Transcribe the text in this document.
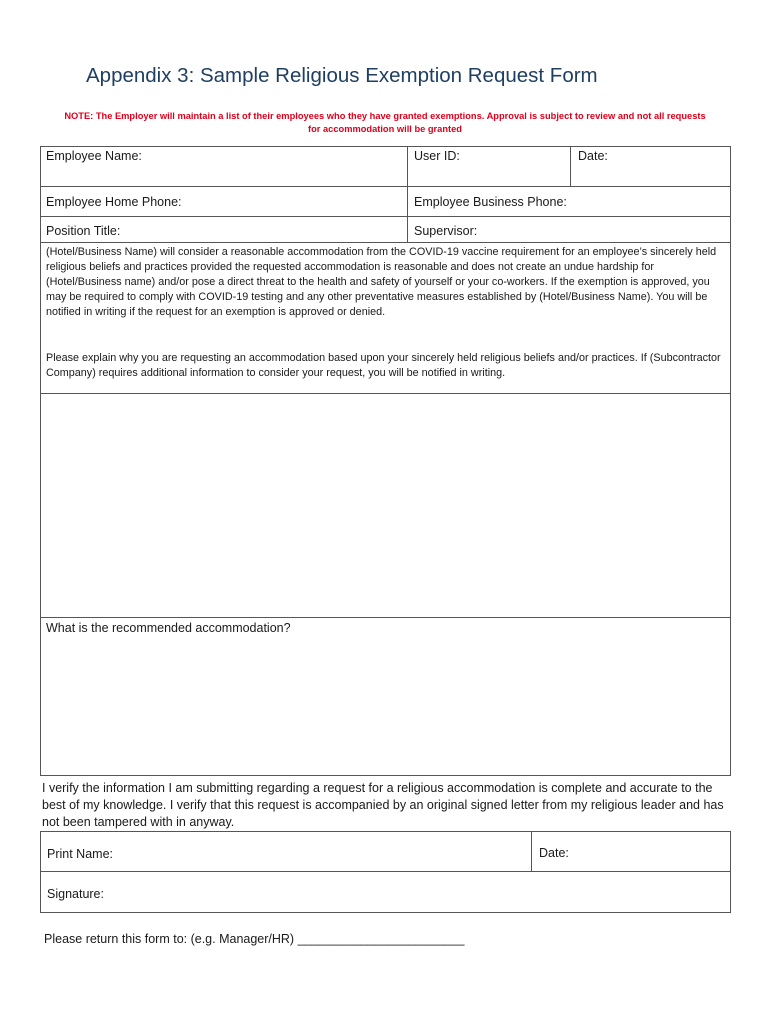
Appendix 3: Sample Religious Exemption Request Form
NOTE: The Employer will maintain a list of their employees who they have granted exemptions. Approval is subject to review and not all requests for accommodation will be granted
Employee Name:	User ID:	Date:
Employee Home Phone:	Employee Business Phone:
Position Title:	Supervisor:
(Hotel/Business Name) will consider a reasonable accommodation from the COVID-19 vaccine requirement for an employee’s sincerely held religious beliefs and practices provided the requested accommodation is reasonable and does not create an undue hardship for (Hotel/Business name) and/or pose a direct threat to the health and safety of yourself or your co-workers. If the exemption is approved, you may be required to comply with COVID-19 testing and any other preventative measures established by (Hotel/Business Name). You will be notified in writing if the request for an exemption is approved or denied.
Please explain why you are requesting an accommodation based upon your sincerely held religious beliefs and/or practices. If (Subcontractor Company) requires additional information to consider your request, you will be notified in writing.
What is the recommended accommodation?
I verify the information I am submitting regarding a request for a religious accommodation is complete and accurate to the best of my knowledge. I verify that this request is accompanied by an original signed letter from my religious leader and has not been tampered with in anyway.
Print Name:	Date:
Signature:
Please return this form to: (e.g. Manager/HR) ________________________
